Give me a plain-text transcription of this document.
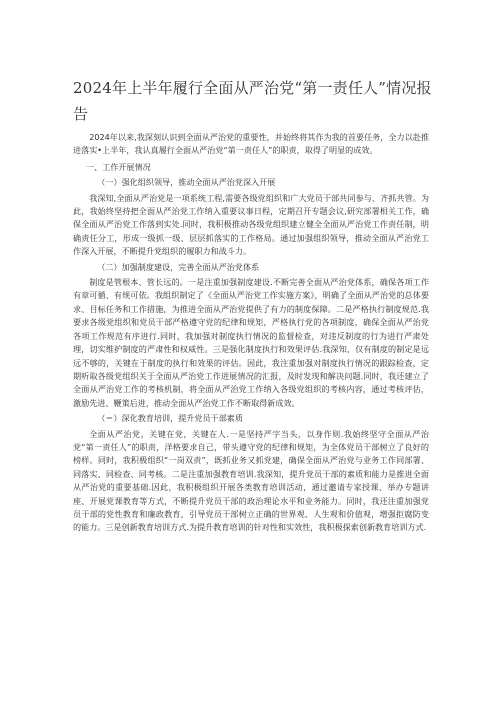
2024年上半年履行全面从严治党“第一责任人”情况报告

2024年以来,我深刻认识到全面从严治党的重要性，并始终将其作为我的首要任务，全力以赴推进落实•上半年，我认真履行全面从严治党“第一责任人”的职责，取得了明显的成效。

一、工作开展情况

（一）强化组织领导，推动全面从严治党深入开展

我深知,全面从严治党是一项系统工程,需要各级党组织和广大党员干部共同参与、齐抓共管。为此，我始终坚持把全面从严治党工作纳入重要议事日程，定期召开专题会议,研究部署相关工作，确保全面从严治党工作落到实处.同时，我积极推动各级党组织建立健全全面从严治党工作责任制，明确责任分工，形成一级抓一级、层层抓落实的工作格局。通过加强组织领导，推动全面从严治党工作深入开展，不断提升党组织的履职力和战斗力。

（二）加强制度建设，完善全面从严治党体系

制度是管根本、管长远的。一是注重加强制度建设.不断完善全面从严治党体系，确保各项工作有章可循、有规可依。我组织制定了《全面从严治党工作实施方案》，明确了全面从严治党的总体要求、目标任务和工作措施，为推进全面从严治党提供了有力的制度保障。二是严格执行制度规范.我要求各级党组织和党员干部严格遵守党的纪律和规矩，严格执行党的各项制度，确保全面从严治党各项工作规范有序进行.同时，我加强对制度执行情况的监督检查，对违反制度的行为进行严肃处理，切实维护制度的严肃性和权威性。三是强化制度执行和效果评估.我深知，仅有制度的制定是远远不够的，关键在于制度的执行和效果的评估。因此，我注重加强对制度执行情况的跟踪检查，定期听取各级党组织关于全面从严治党工作进展情况的汇报，及时发现和解决问题.同时，我还建立了全面从严治党工作的考核机制，将全面从严治党工作纳入各级党组织的考核内容，通过考核评估，激励先进、鞭策后进，推动全面从严治党工作不断取得新成效。

（＝）深化教育培训，提升党员干部素质

全面从严治党，关键在党，关键在人.一是坚持严字当头，以身作则.我始终坚守全面从严治党“第一责任人”的职责，洋格要求自己，带头遵守党的纪律和规矩，为全体党员干部树立了良好的榜样。同时，我积极组织“一岗双责”，既抓业务又抓党建，确保全面从严治党与业务工作同部署、同落实、同检查、同考核。二是注重加强教育培训.我深知，提升党员干部的素质和能力是推进全面从严治党的重要基础.因此，我积极组织开展各类教育培训活动，通过邀请专家授课、举办专题讲座、开展党课教育等方式，不断提升党员干部的政治理论水平和业务能力。同时，我还注重加强党员干部的党性教育和廉政教育，引导党员干部树立正确的世界观、人生观和价值观，增强拒腐防变的能力。三是创新教育培训方式.为提升教育培训的针对性和实效性，我积极探索创新教育培训方式.
